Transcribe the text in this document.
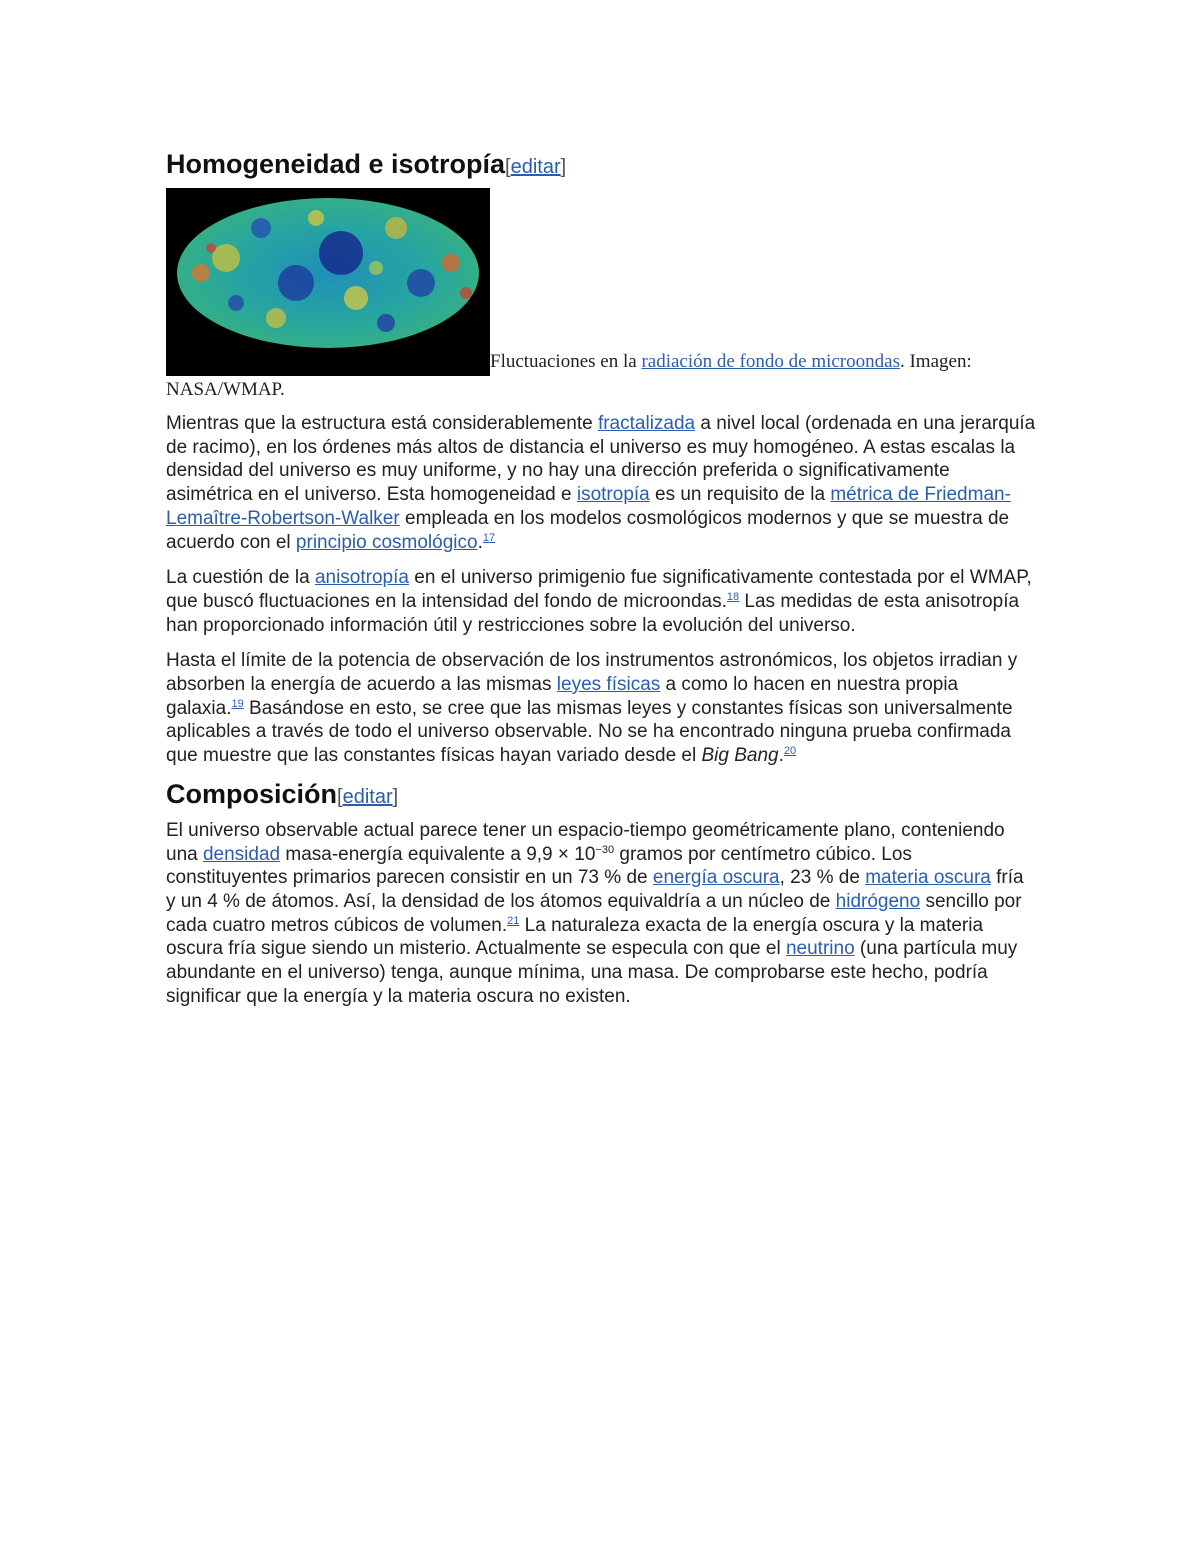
Homogeneidad e isotropía[editar]
Fluctuaciones en la radiación de fondo de microondas. Imagen: NASA/WMAP.

Mientras que la estructura está considerablemente fractalizada a nivel local (ordenada en una jerarquía de racimo), en los órdenes más altos de distancia el universo es muy homogéneo. A estas escalas la densidad del universo es muy uniforme, y no hay una dirección preferida o significativamente asimétrica en el universo. Esta homogeneidad e isotropía es un requisito de la métrica de Friedman-Lemaître-Robertson-Walker empleada en los modelos cosmológicos modernos y que se muestra de acuerdo con el principio cosmológico.$^{17}$

La cuestión de la anisotropía en el universo primigenio fue significativamente contestada por el WMAP, que buscó fluctuaciones en la intensidad del fondo de microondas.$^{18}$ Las medidas de esta anisotropía han proporcionado información útil y restricciones sobre la evolución del universo.

Hasta el límite de la potencia de observación de los instrumentos astronómicos, los objetos irradian y absorben la energía de acuerdo a las mismas leyes físicas a como lo hacen en nuestra propia galaxia.$^{19}$ Basándose en esto, se cree que las mismas leyes y constantes físicas son universalmente aplicables a través de todo el universo observable. No se ha encontrado ninguna prueba confirmada que muestre que las constantes físicas hayan variado desde el Big Bang.$^{20}$

Composición[editar]

El universo observable actual parece tener un espacio-tiempo geométricamente plano, conteniendo una densidad masa-energía equivalente a $9,9 \times 10^{-30}$ gramos por centímetro cúbico. Los constituyentes primarios parecen consistir en un 73 % de energía oscura, 23 % de materia oscura fría y un 4 % de átomos. Así, la densidad de los átomos equivaldría a un núcleo de hidrógeno sencillo por cada cuatro metros cúbicos de volumen.$^{21}$ La naturaleza exacta de la energía oscura y la materia oscura fría sigue siendo un misterio. Actualmente se especula con que el neutrino (una partícula muy abundante en el universo) tenga, aunque mínima, una masa. De comprobarse este hecho, podría significar que la energía y la materia oscura no existen.
